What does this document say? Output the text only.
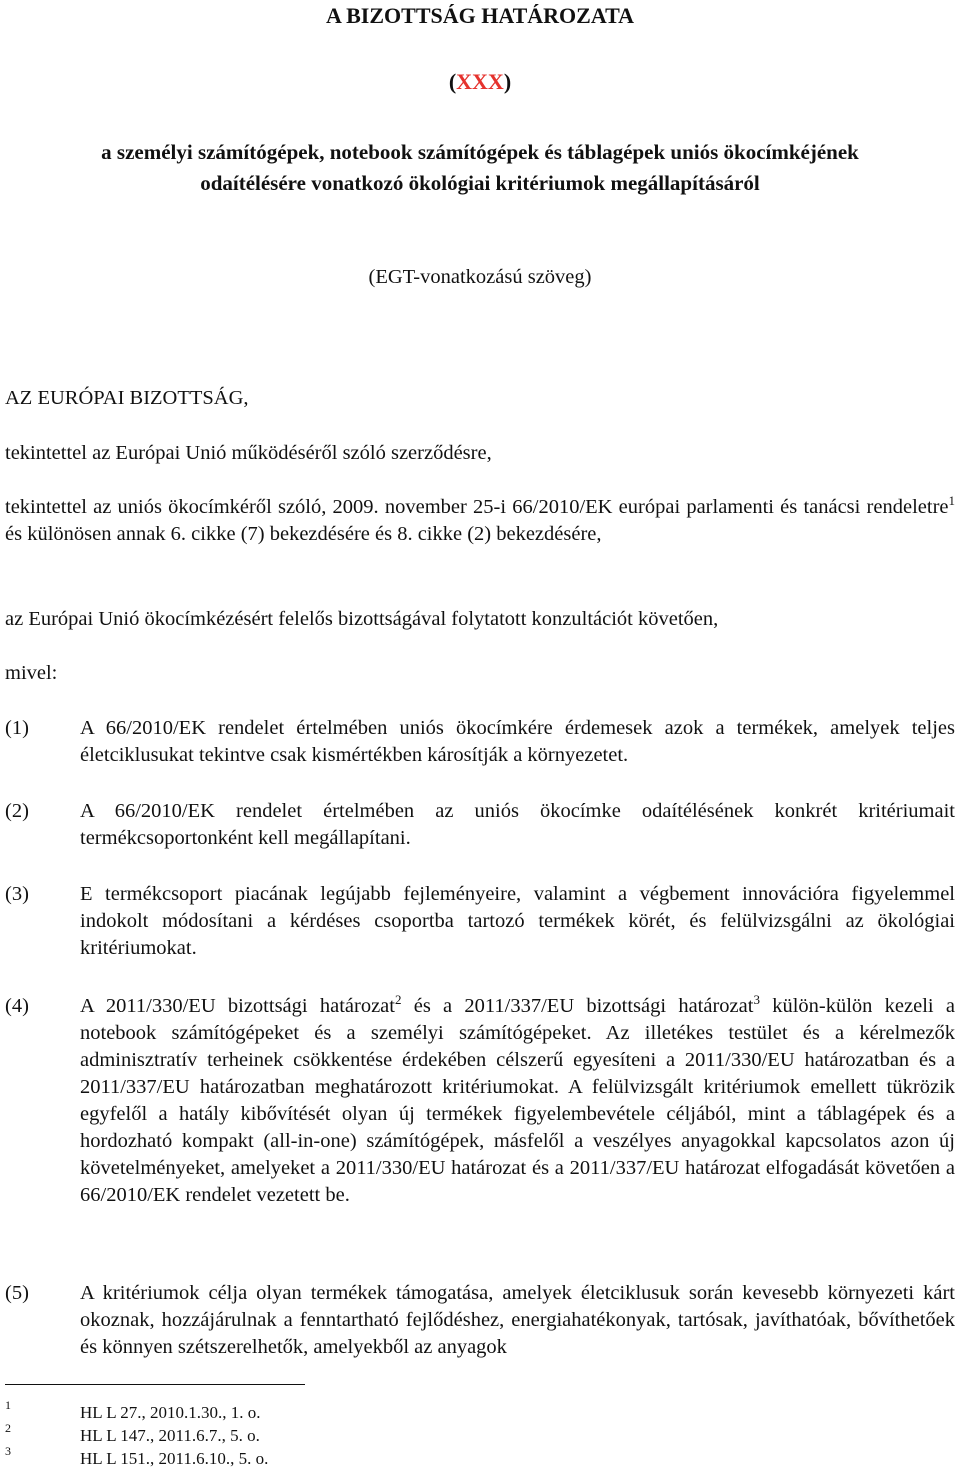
A BIZOTTSÁG HATÁROZATA
(XXX)
a személyi számítógépek, notebook számítógépek és táblagépek uniós ökocímkéjének
odaítélésére vonatkozó ökológiai kritériumok megállapításáról
(EGT-vonatkozású szöveg)
AZ EURÓPAI BIZOTTSÁG,
tekintettel az Európai Unió működéséről szóló szerződésre,
tekintettel az uniós ökocímkéről szóló, 2009. november 25-i 66/2010/EK európai parlamenti és tanácsi rendeletre$^1$ és különösen annak 6. cikke (7) bekezdésére és 8. cikke (2) bekezdésére,
az Európai Unió ökocímkézésért felelős bizottságával folytatott konzultációt követően,
mivel:
(1) A 66/2010/EK rendelet értelmében uniós ökocímkére érdemesek azok a termékek, amelyek teljes életciklusukat tekintve csak kismértékben károsítják a környezetet.
(2) A 66/2010/EK rendelet értelmében az uniós ökocímke odaítélésének konkrét kritériumait termékcsoportonként kell megállapítani.
(3) E termékcsoport piacának legújabb fejleményeire, valamint a végbement innovációra figyelemmel indokolt módosítani a kérdéses csoportba tartozó termékek körét, és felülvizsgálni az ökológiai kritériumokat.
(4) A 2011/330/EU bizottsági határozat$^2$ és a 2011/337/EU bizottsági határozat$^3$ külön-külön kezeli a notebook számítógépeket és a személyi számítógépeket. Az illetékes testület és a kérelmezők adminisztratív terheinek csökkentése érdekében célszerű egyesíteni a 2011/330/EU határozatban és a 2011/337/EU határozatban meghatározott kritériumokat. A felülvizsgált kritériumok emellett tükrözik egyfelől a hatály kibővítését olyan új termékek figyelembevétele céljából, mint a táblagépek és a hordozható kompakt (all-in-one) számítógépek, másfelől a veszélyes anyagokkal kapcsolatos azon új követelményeket, amelyeket a 2011/330/EU határozat és a 2011/337/EU határozat elfogadását követően a 66/2010/EK rendelet vezetett be.
(5) A kritériumok célja olyan termékek támogatása, amelyek életciklusuk során kevesebb környezeti kárt okoznak, hozzájárulnak a fenntartható fejlődéshez, energiahatékonyak, tartósak, javíthatóak, bővíthetőek és könnyen szétszerelhetők, amelyekből az anyagok
1	HL L 27., 2010.1.30., 1. o.
2	HL L 147., 2011.6.7., 5. o.
3	HL L 151., 2011.6.10., 5. o.
